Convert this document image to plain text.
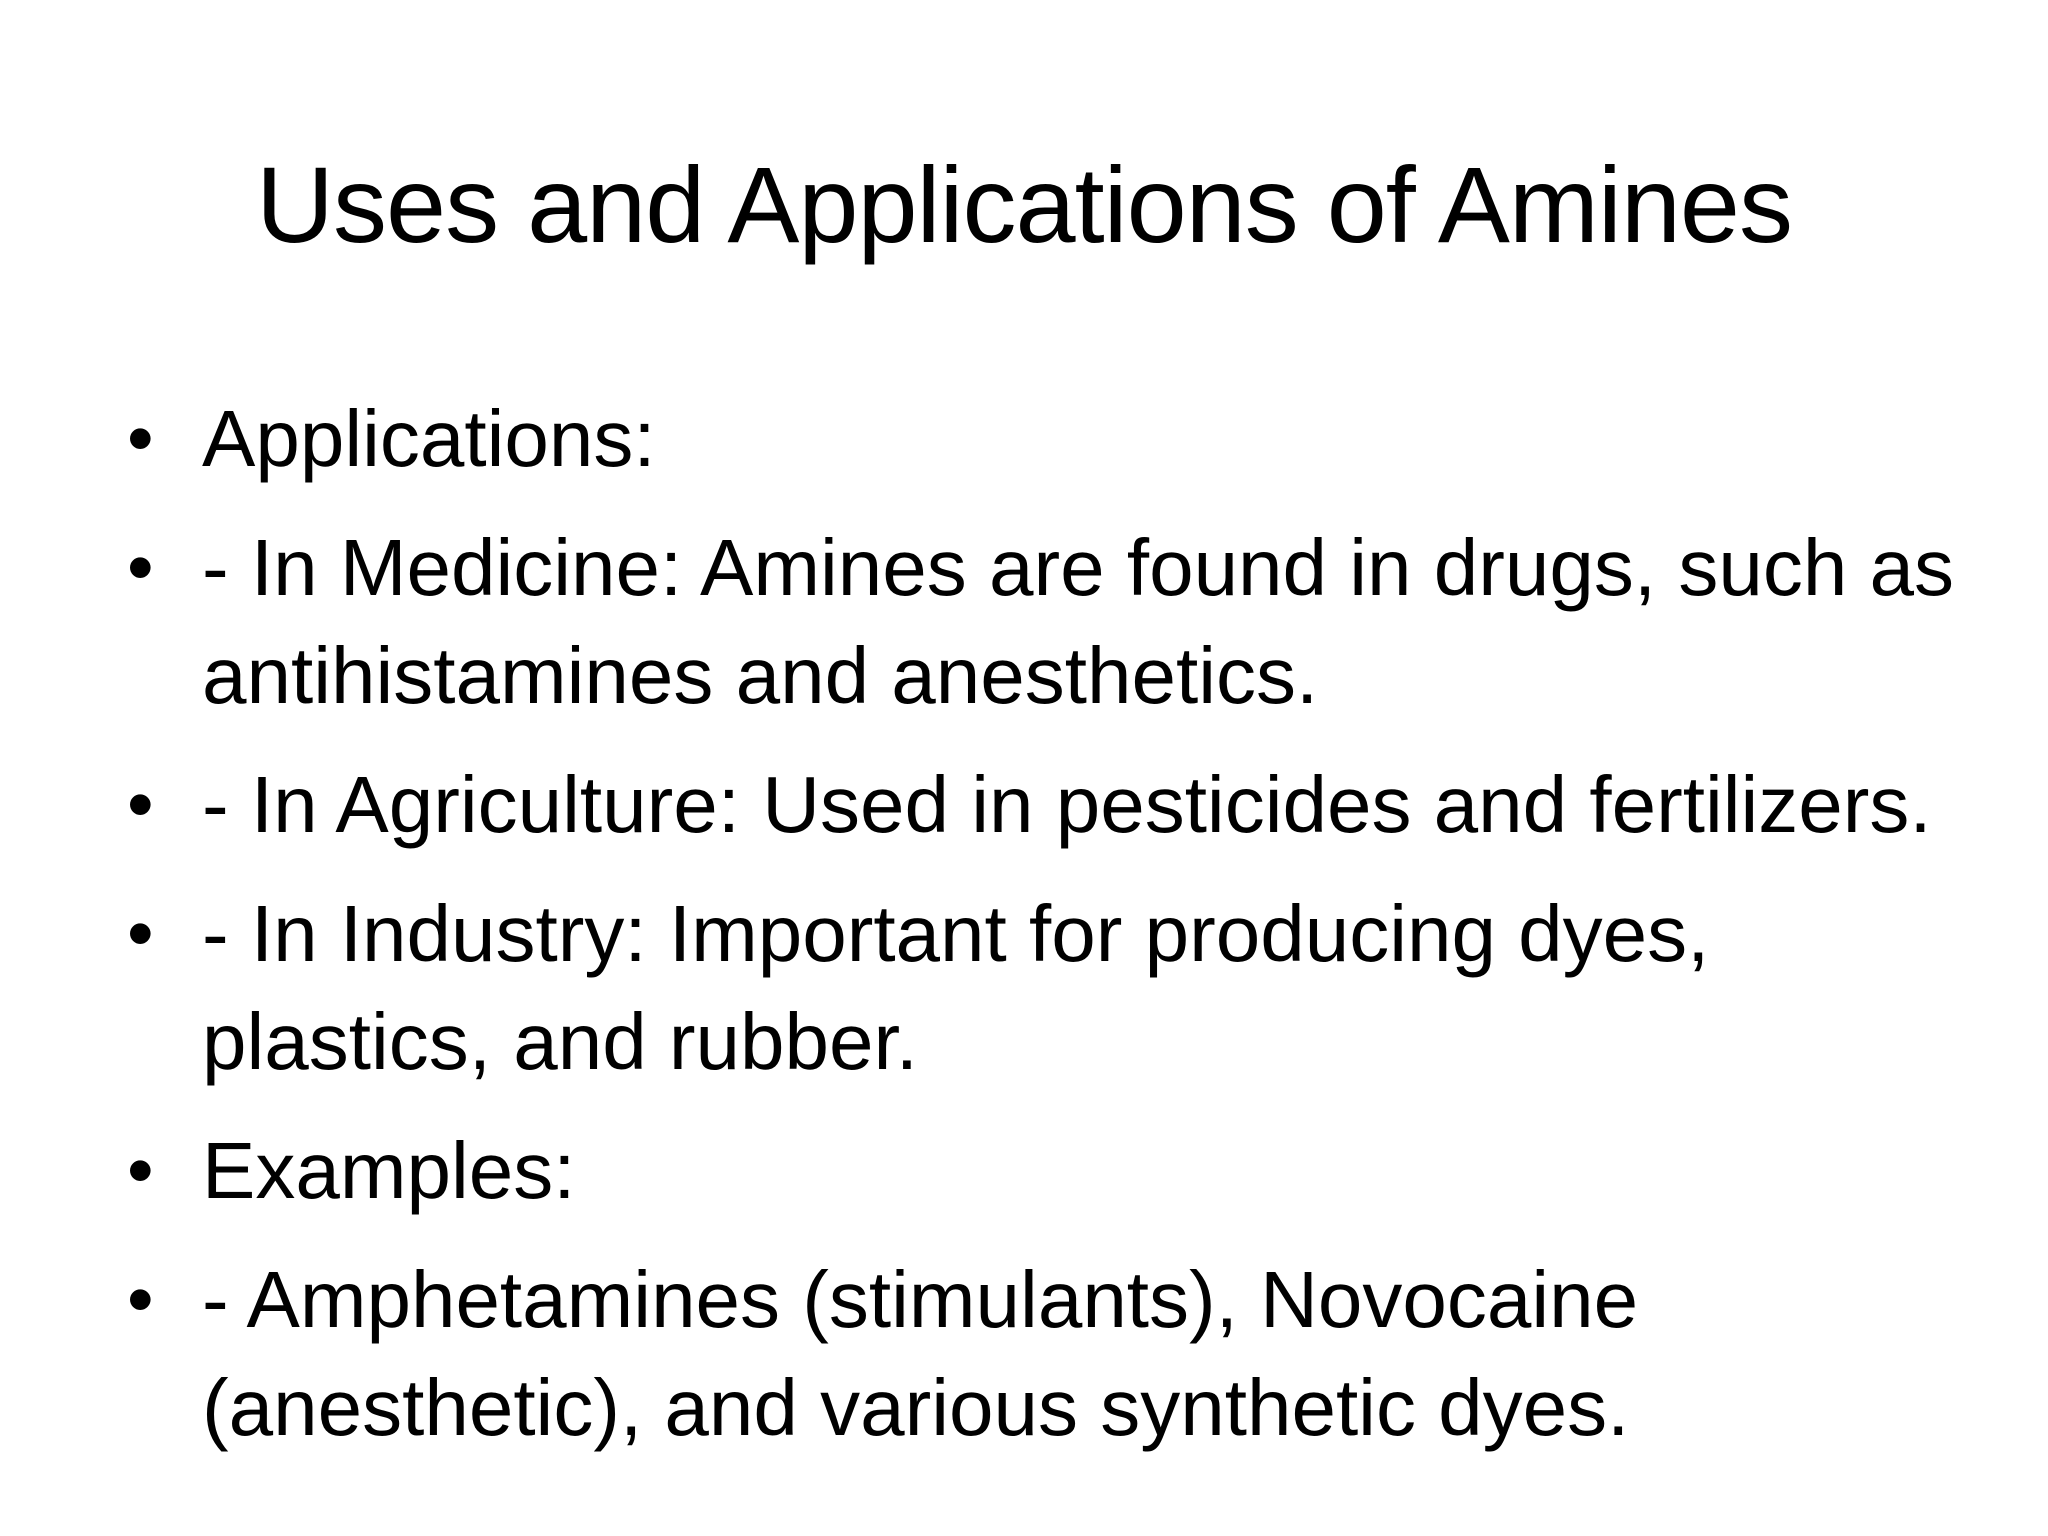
Uses and Applications of Amines
• Applications:
• - In Medicine: Amines are found in drugs, such as antihistamines and anesthetics.
• - In Agriculture: Used in pesticides and fertilizers.
• - In Industry: Important for producing dyes, plastics, and rubber.
• Examples:
• - Amphetamines (stimulants), Novocaine (anesthetic), and various synthetic dyes.
